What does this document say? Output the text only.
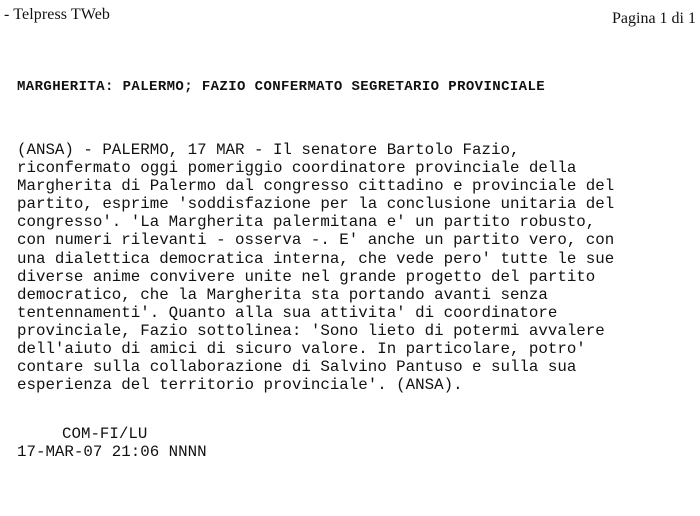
- Telpress TWeb	Pagina 1 di 1
MARGHERITA: PALERMO; FAZIO CONFERMATO SEGRETARIO PROVINCIALE
(ANSA) - PALERMO, 17 MAR - Il senatore Bartolo Fazio,
riconfermato oggi pomeriggio coordinatore provinciale della
Margherita di Palermo dal congresso cittadino e provinciale del
partito, esprime 'soddisfazione per la conclusione unitaria del
congresso'. 'La Margherita palermitana e' un partito robusto,
con numeri rilevanti - osserva -. E' anche un partito vero, con
una dialettica democratica interna, che vede pero' tutte le sue
diverse anime convivere unite nel grande progetto del partito
democratico, che la Margherita sta portando avanti senza
tentennamenti'. Quanto alla sua attivita' di coordinatore
provinciale, Fazio sottolinea: 'Sono lieto di potermi avvalere
dell'aiuto di amici di sicuro valore. In particolare, potro'
contare sulla collaborazione di Salvino Pantuso e sulla sua
esperienza del territorio provinciale'. (ANSA).
COM-FI/LU
17-MAR-07 21:06 NNNN
